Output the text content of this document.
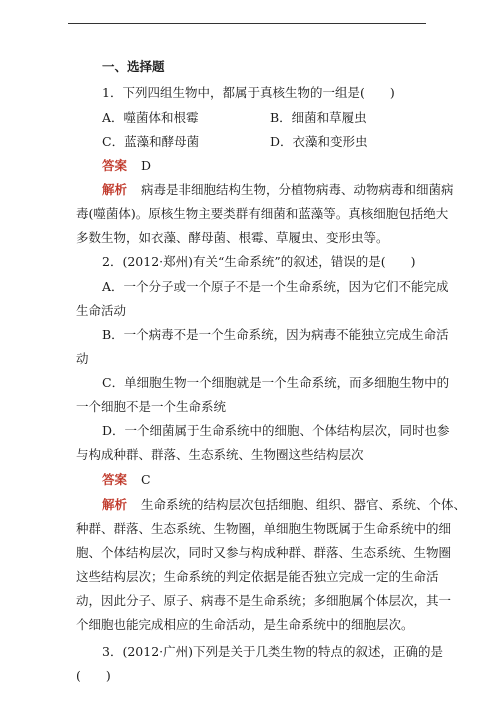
一、选择题
1．下列四组生物中，都属于真核生物的一组是(　　)
A．噬菌体和根霉	B．细菌和草履虫
C．蓝藻和酵母菌	D．衣藻和变形虫
答案 D
解析 病毒是非细胞结构生物，分植物病毒、动物病毒和细菌病
毒(噬菌体)。原核生物主要类群有细菌和蓝藻等。真核细胞包括绝大
多数生物，如衣藻、酵母菌、根霉、草履虫、变形虫等。
2．(2012·郑州)有关“生命系统”的叙述，错误的是(　　)
A．一个分子或一个原子不是一个生命系统，因为它们不能完成
生命活动
B．一个病毒不是一个生命系统，因为病毒不能独立完成生命活
动
C．单细胞生物一个细胞就是一个生命系统，而多细胞生物中的
一个细胞不是一个生命系统
D．一个细菌属于生命系统中的细胞、个体结构层次，同时也参
与构成种群、群落、生态系统、生物圈这些结构层次
答案 C
解析 生命系统的结构层次包括细胞、组织、器官、系统、个体、
种群、群落、生态系统、生物圈，单细胞生物既属于生命系统中的细
胞、个体结构层次，同时又参与构成种群、群落、生态系统、生物圈
这些结构层次；生命系统的判定依据是能否独立完成一定的生命活
动，因此分子、原子、病毒不是生命系统；多细胞属个体层次，其一
个细胞也能完成相应的生命活动，是生命系统中的细胞层次。
3．(2012·广州)下列是关于几类生物的特点的叙述，正确的是
(　　)
